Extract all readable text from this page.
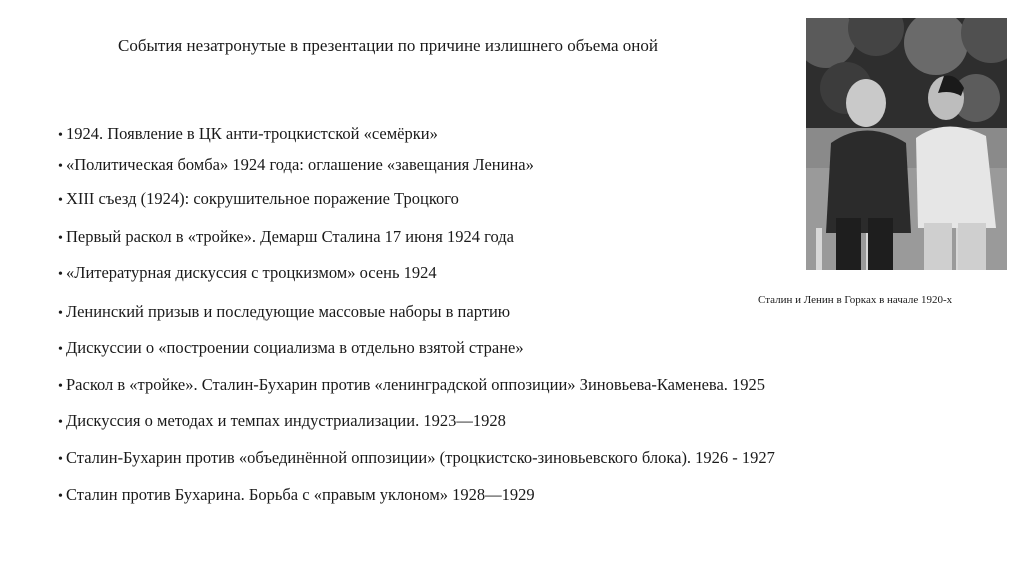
События незатронутые в презентации по причине излишнего объема оной
• 1924. Появление в ЦК анти-троцкистской «семёрки»
• «Политическая бомба» 1924 года: оглашение «завещания Ленина»
• XIII съезд (1924): сокрушительное поражение Троцкого
• Первый раскол в «тройке». Демарш Сталина 17 июня 1924 года
• «Литературная дискуссия с троцкизмом» осень 1924
• Ленинский призыв и последующие массовые наборы в партию
• Дискуссии о «построении социализма в отдельно взятой стране»
• Раскол в «тройке». Сталин-Бухарин против «ленинградской оппозиции» Зиновьева-Каменева. 1925
• Дискуссия о методах и темпах индустриализации. 1923—1928
• Сталин-Бухарин против «объединённой оппозиции» (троцкистско-зиновьевского блока). 1926 - 1927
• Сталин против Бухарина. Борьба с «правым уклоном» 1928—1929
Сталин и Ленин в Горках в начале 1920-х
